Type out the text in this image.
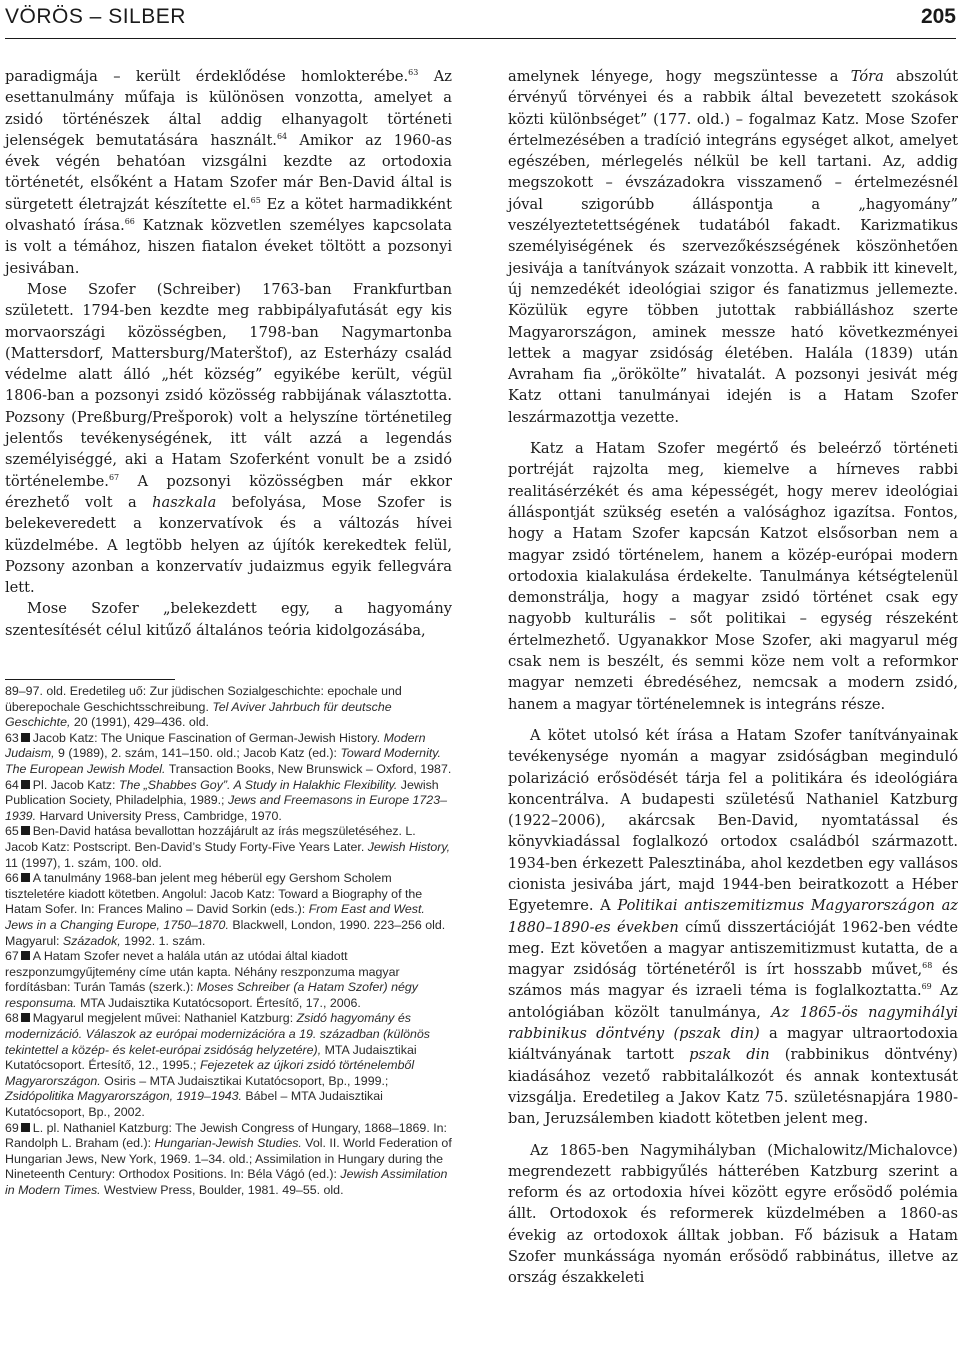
VÖRÖS – SILBER	205

paradigmája – került érdeklődése homlokterébe.$^{63}$ Az esettanulmány műfaja is különösen vonzotta, amelyet a zsidó történészek által addig elhanyagolt történeti jelenségek bemutatására használt.$^{64}$ Amikor az 1960-as évek végén behatóan vizsgálni kezdte az ortodoxia történetét, elsőként a Hatam Szofer már Ben-David által is sürgetett életrajzát készítette el.$^{65}$ Ez a kötet harmadikként olvasható írása.$^{66}$ Katznak közvetlen személyes kapcsolata is volt a témához, hiszen fiatalon éveket töltött a pozsonyi jesivában.

Mose Szofer (Schreiber) 1763-ban Frankfurtban született. 1794-ben kezdte meg rabbipályafutását egy kis morvaországi közösségben, 1798-ban Nagymartonba (Mattersdorf, Mattersburg/Materštof), az Esterházy család védelme alatt álló „hét község” egyikébe került, végül 1806-ban a pozsonyi zsidó közösség rabbijának választotta. Pozsony (Preßburg/Prešporok) volt a helyszíne történetileg jelentős tevékenységének, itt vált azzá a legendás személyiséggé, aki a Hatam Szoferként vonult be a zsidó történelembe.$^{67}$ A pozsonyi közösségben már ekkor érezhető volt a haszkala befolyása, Mose Szofer is belekeveredett a konzervatívok és a változás hívei küzdelmébe. A legtöbb helyen az újítók kerekedtek felül, Pozsony azonban a konzervatív judaizmus egyik fellegvára lett.

Mose Szofer „belekezdett egy, a hagyomány szentesítését célul kitűző általános teória kidolgozásába,

amelynek lényege, hogy megszüntesse a Tóra abszolút érvényű törvényei és a rabbik által bevezetett szokások közti különbséget” (177. old.) – fogalmaz Katz. Mose Szofer értelmezésében a tradíció integráns egységet alkot, amelyet egészében, mérlegelés nélkül be kell tartani. Az, addig megszokott – évszázadokra visszamenő – értelmezésnél jóval szigorúbb álláspontja a „hagyomány” veszélyeztetettségének tudatából fakadt. Karizmatikus személyiségének és szervezőkészségének köszönhetően jesivája a tanítványok százait vonzotta. A rabbik itt kinevelt, új nemzedékét ideológiai szigor és fanatizmus jellemezte. Közülük egyre többen jutottak rabbiálláshoz szerte Magyarországon, aminek messze ható következményei lettek a magyar zsidóság életében. Halála (1839) után Avraham fia „örökölte” hivatalát. A pozsonyi jesivát még Katz ottani tanulmányai idején is a Hatam Szofer leszármazottja vezette.

Katz a Hatam Szofer megértő és beleérző történeti portréját rajzolta meg, kiemelve a hírneves rabbi realitásérzékét és ama képességét, hogy merev ideológiai álláspontját szükség esetén a valósághoz igazítsa. Fontos, hogy a Hatam Szofer kapcsán Katzot elsősorban nem a magyar zsidó történelem, hanem a közép-európai modern ortodoxia kialakulása érdekelte. Tanulmánya kétségtelenül demonstrálja, hogy a magyar zsidó történet csak egy nagyobb kulturális – sőt politikai – egység részeként értelmezhető. Ugyanakkor Mose Szofer, aki magyarul még csak nem is beszélt, és semmi köze nem volt a reformkor magyar nemzeti ébredéséhez, nemcsak a modern zsidó, hanem a magyar történelemnek is integráns része.

A kötet utolsó két írása a Hatam Szofer tanítványainak tevékenysége nyomán a magyar zsidóságban meginduló polarizáció erősödését tárja fel a politikára és ideológiára koncentrálva. A budapesti születésű Nathaniel Katzburg (1922–2006), akárcsak Ben-David, nyomtatással és könyvkiadással foglalkozó ortodox családból származott. 1934-ben érkezett Palesztinába, ahol kezdetben egy vallásos cionista jesivába járt, majd 1944-ben beiratkozott a Héber Egyetemre. A Politikai antiszemitizmus Magyarországon az 1880–1890-es években című disszertációját 1962-ben védte meg. Ezt követően a magyar antiszemitizmust kutatta, de a magyar zsidóság történetéről is írt hosszabb művet,$^{68}$ és számos más magyar és izraeli téma is foglalkoztatta.$^{69}$ Az antológiában közölt tanulmánya, Az 1865-ös nagymihályi rabbinikus döntvény (pszak din) a magyar ultraortodoxia kiáltványának tartott pszak din (rabbinikus döntvény) kiadásához vezető rabbitalálkozót és annak kontextusát vizsgálja. Eredetileg a Jakov Katz 75. születésnapjára 1980-ban, Jeruzsálemben kiadott kötetben jelent meg.

Az 1865-ben Nagymihályban (Michalowitz/Michalovce) megrendezett rabbigyűlés hátterében Katzburg szerint a reform és az ortodoxia hívei között egyre erősödő polémia állt. Ortodoxok és reformerek küzdelmében a 1860-as évekig az ortodoxok álltak jobban. Fő bázisuk a Hatam Szofer munkássága nyomán erősödő rabbinátus, illetve az ország északkeleti

89–97. old. Eredetileg uő: Zur jüdischen Sozialgeschichte: epochale und überepochale Geschichtsschreibung. Tel Aviver Jahrbuch für deutsche Geschichte, 20 (1991), 429–436. old.

63 Jacob Katz: The Unique Fascination of German-Jewish History. Modern Judaism, 9 (1989), 2. szám, 141–150. old.; Jacob Katz (ed.): Toward Modernity. The European Jewish Model. Transaction Books, New Brunswick – Oxford, 1987.

64 Pl. Jacob Katz: The „Shabbes Goy”. A Study in Halakhic Flexibility. Jewish Publication Society, Philadelphia, 1989.; Jews and Freemasons in Europe 1723–1939. Harvard University Press, Cambridge, 1970.

65 Ben-David hatása bevallottan hozzájárult az írás megszületéséhez. L. Jacob Katz: Postscript. Ben-David’s Study Forty-Five Years Later. Jewish History, 11 (1997), 1. szám, 100. old.

66 A tanulmány 1968-ban jelent meg héberül egy Gershom Scholem tiszteletére kiadott kötetben. Angolul: Jacob Katz: Toward a Biography of the Hatam Sofer. In: Frances Malino – David Sorkin (eds.): From East and West. Jews in a Changing Europe, 1750–1870. Blackwell, London, 1990. 223–256 old. Magyarul: Századok, 1992. 1. szám.

67 A Hatam Szofer nevet a halála után az utódai által kiadott reszponzumgyűjtemény címe után kapta. Néhány reszponzuma magyar fordításban: Turán Tamás (szerk.): Moses Schreiber (a Hatam Szofer) négy responsuma. MTA Judaisztika Kutatócsoport. Értesítő, 17., 2006.

68 Magyarul megjelent művei: Nathaniel Katzburg: Zsidó hagyomány és modernizáció. Válaszok az európai modernizációra a 19. században (különös tekintettel a közép- és kelet-európai zsidóság helyzetére), MTA Judaisztikai Kutatócsoport. Értesítő, 12., 1995.; Fejezetek az újkori zsidó történelemből Magyarországon. Osiris – MTA Judaisztikai Kutatócsoport, Bp., 1999.; Zsidópolitika Magyarországon, 1919–1943. Bábel – MTA Judaisztikai Kutatócsoport, Bp., 2002.

69 L. pl. Nathaniel Katzburg: The Jewish Congress of Hungary, 1868–1869. In: Randolph L. Braham (ed.): Hungarian-Jewish Studies. Vol. II. World Federation of Hungarian Jews, New York, 1969. 1–34. old.; Assimilation in Hungary during the Nineteenth Century: Orthodox Positions. In: Béla Vágó (ed.): Jewish Assimilation in Modern Times. Westview Press, Boulder, 1981. 49–55. old.
